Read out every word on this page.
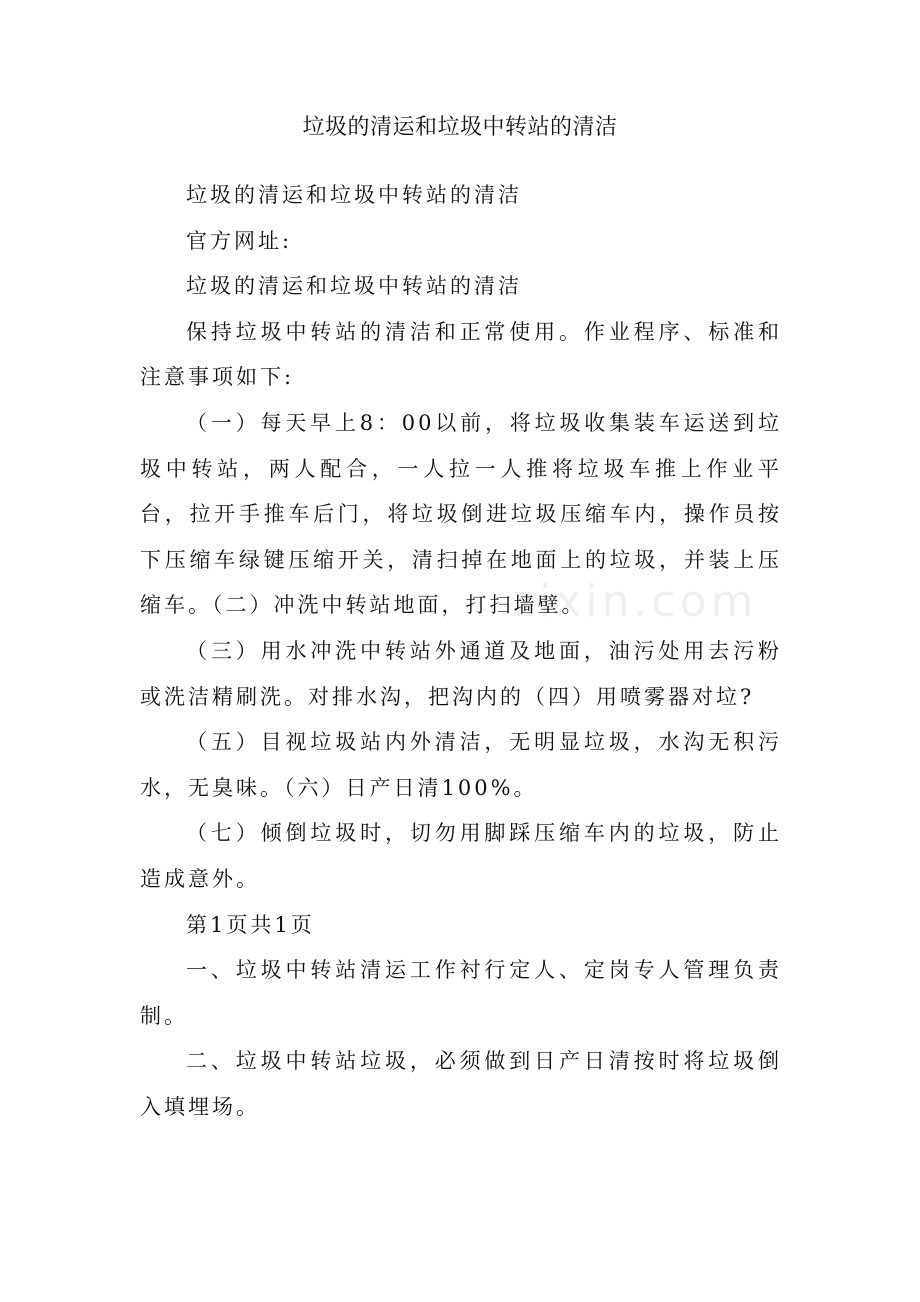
垃圾的清运和垃圾中转站的清洁

垃圾的清运和垃圾中转站的清洁

官方网址:

垃圾的清运和垃圾中转站的清洁

保持垃圾中转站的清洁和正常使用。作业程序、标准和注意事项如下:

（一）每天早上8：00以前，将垃圾收集装车运送到垃圾中转站，两人配合，一人拉一人推将垃圾车推上作业平台，拉开手推车后门，将垃圾倒进垃圾压缩车内，操作员按下压缩车绿键压缩开关，清扫掉在地面上的垃圾，并装上压缩车。（二）冲洗中转站地面，打扫墙壁。

（三）用水冲洗中转站外通道及地面，油污处用去污粉或洗洁精刷洗。对排水沟，把沟内的（四）用喷雾器对垃?

（五）目视垃圾站内外清洁，无明显垃圾，水沟无积污水，无臭味。（六）日产日清100%。

（七）倾倒垃圾时，切勿用脚踩压缩车内的垃圾，防止造成意外。

第1页共1页

一、垃圾中转站清运工作衬行定人、定岗专人管理负责制。

二、垃圾中转站垃圾，必须做到日产日清按时将垃圾倒入填埋场。

zixin.com
